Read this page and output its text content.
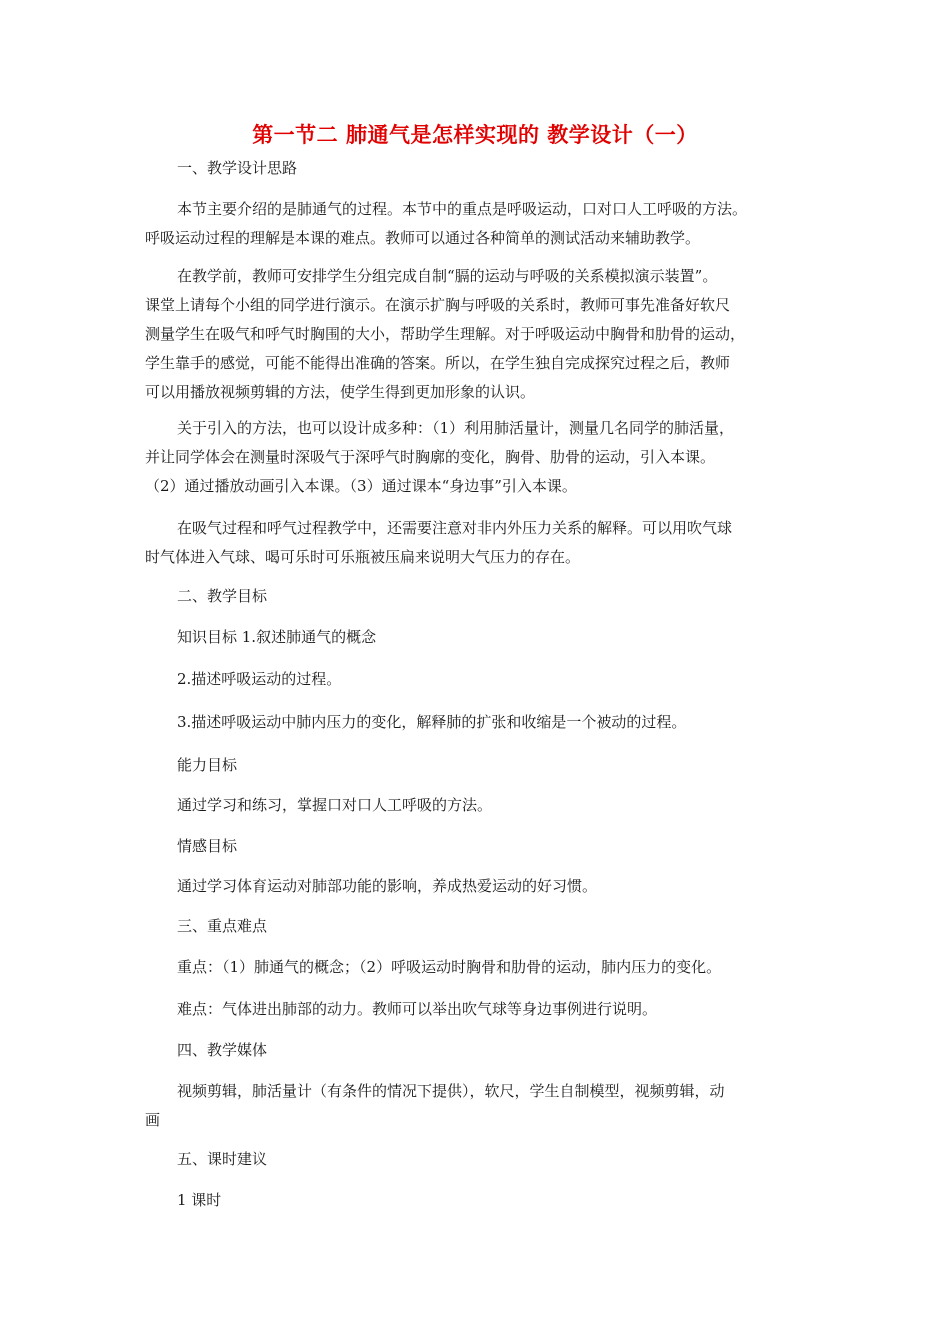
第一节二 肺通气是怎样实现的 教学设计（一）
一、教学设计思路
本节主要介绍的是肺通气的过程。本节中的重点是呼吸运动，口对口人工呼吸的方法。
呼吸运动过程的理解是本课的难点。教师可以通过各种简单的测试活动来辅助教学。
在教学前，教师可安排学生分组完成自制“膈的运动与呼吸的关系模拟演示装置”。
课堂上请每个小组的同学进行演示。在演示扩胸与呼吸的关系时，教师可事先准备好软尺
测量学生在吸气和呼气时胸围的大小，帮助学生理解。对于呼吸运动中胸骨和肋骨的运动，
学生靠手的感觉，可能不能得出准确的答案。所以，在学生独自完成探究过程之后，教师
可以用播放视频剪辑的方法，使学生得到更加形象的认识。
关于引入的方法，也可以设计成多种：（1）利用肺活量计，测量几名同学的肺活量，
并让同学体会在测量时深吸气于深呼气时胸廓的变化，胸骨、肋骨的运动，引入本课。
（2）通过播放动画引入本课。（3）通过课本“身边事”引入本课。
在吸气过程和呼气过程教学中，还需要注意对非内外压力关系的解释。可以用吹气球
时气体进入气球、喝可乐时可乐瓶被压扁来说明大气压力的存在。
二、教学目标
知识目标 1.叙述肺通气的概念
2.描述呼吸运动的过程。
3.描述呼吸运动中肺内压力的变化，解释肺的扩张和收缩是一个被动的过程。
能力目标
通过学习和练习，掌握口对口人工呼吸的方法。
情感目标
通过学习体育运动对肺部功能的影响，养成热爱运动的好习惯。
三、重点难点
重点：（1）肺通气的概念；（2）呼吸运动时胸骨和肋骨的运动，肺内压力的变化。
难点：气体进出肺部的动力。教师可以举出吹气球等身边事例进行说明。
四、教学媒体
视频剪辑，肺活量计（有条件的情况下提供），软尺，学生自制模型，视频剪辑，动
画
五、课时建议
1 课时
